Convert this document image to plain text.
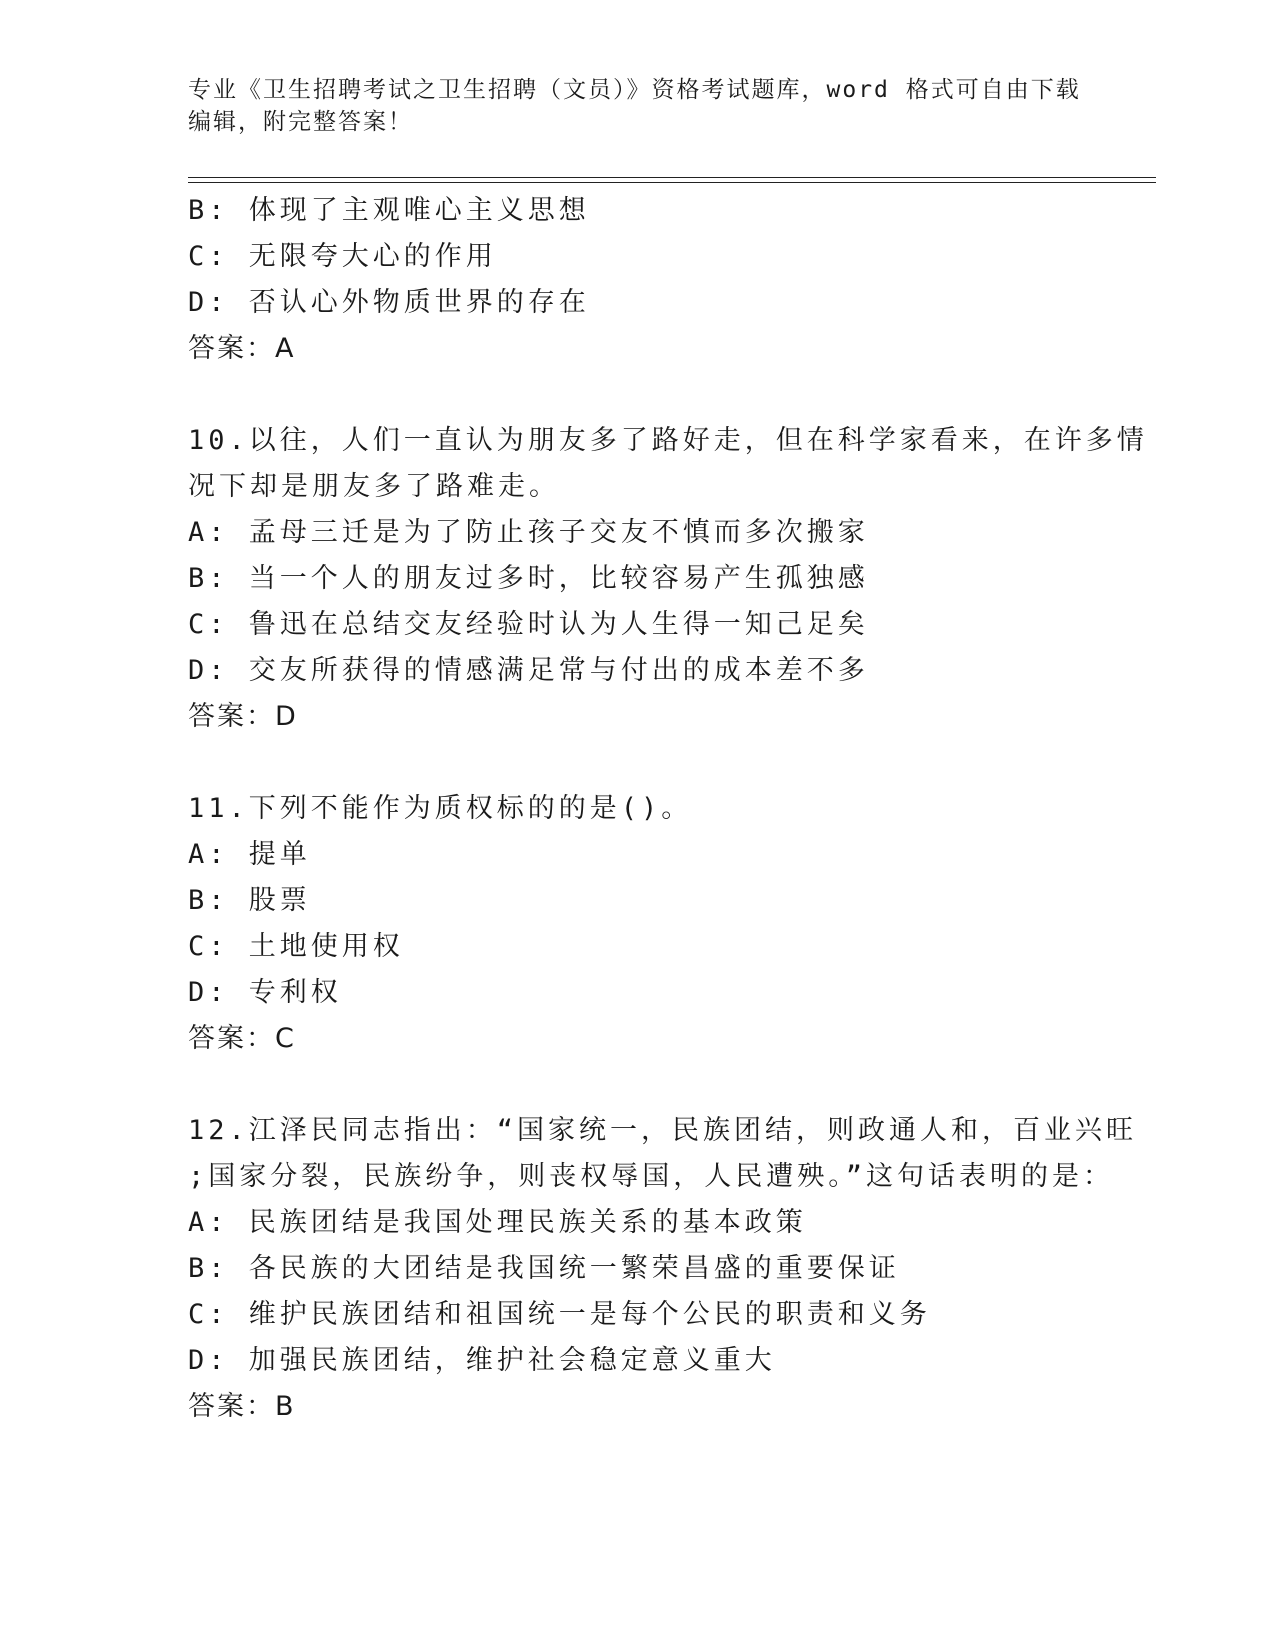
专业《卫生招聘考试之卫生招聘（文员）》资格考试题库，word 格式可自由下载
编辑，附完整答案！
B: 体现了主观唯心主义思想
C: 无限夸大心的作用
D: 否认心外物质世界的存在
答案：A
10.以往，人们一直认为朋友多了路好走，但在科学家看来，在许多情
况下却是朋友多了路难走。
A: 孟母三迁是为了防止孩子交友不慎而多次搬家
B: 当一个人的朋友过多时，比较容易产生孤独感
C: 鲁迅在总结交友经验时认为人生得一知己足矣
D: 交友所获得的情感满足常与付出的成本差不多
答案：D
11.下列不能作为质权标的的是()。
A: 提单
B: 股票
C: 土地使用权
D: 专利权
答案：C
12.江泽民同志指出：“国家统一，民族团结，则政通人和，百业兴旺
;国家分裂，民族纷争，则丧权辱国，人民遭殃。”这句话表明的是：
A: 民族团结是我国处理民族关系的基本政策
B: 各民族的大团结是我国统一繁荣昌盛的重要保证
C: 维护民族团结和祖国统一是每个公民的职责和义务
D: 加强民族团结，维护社会稳定意义重大
答案：B
